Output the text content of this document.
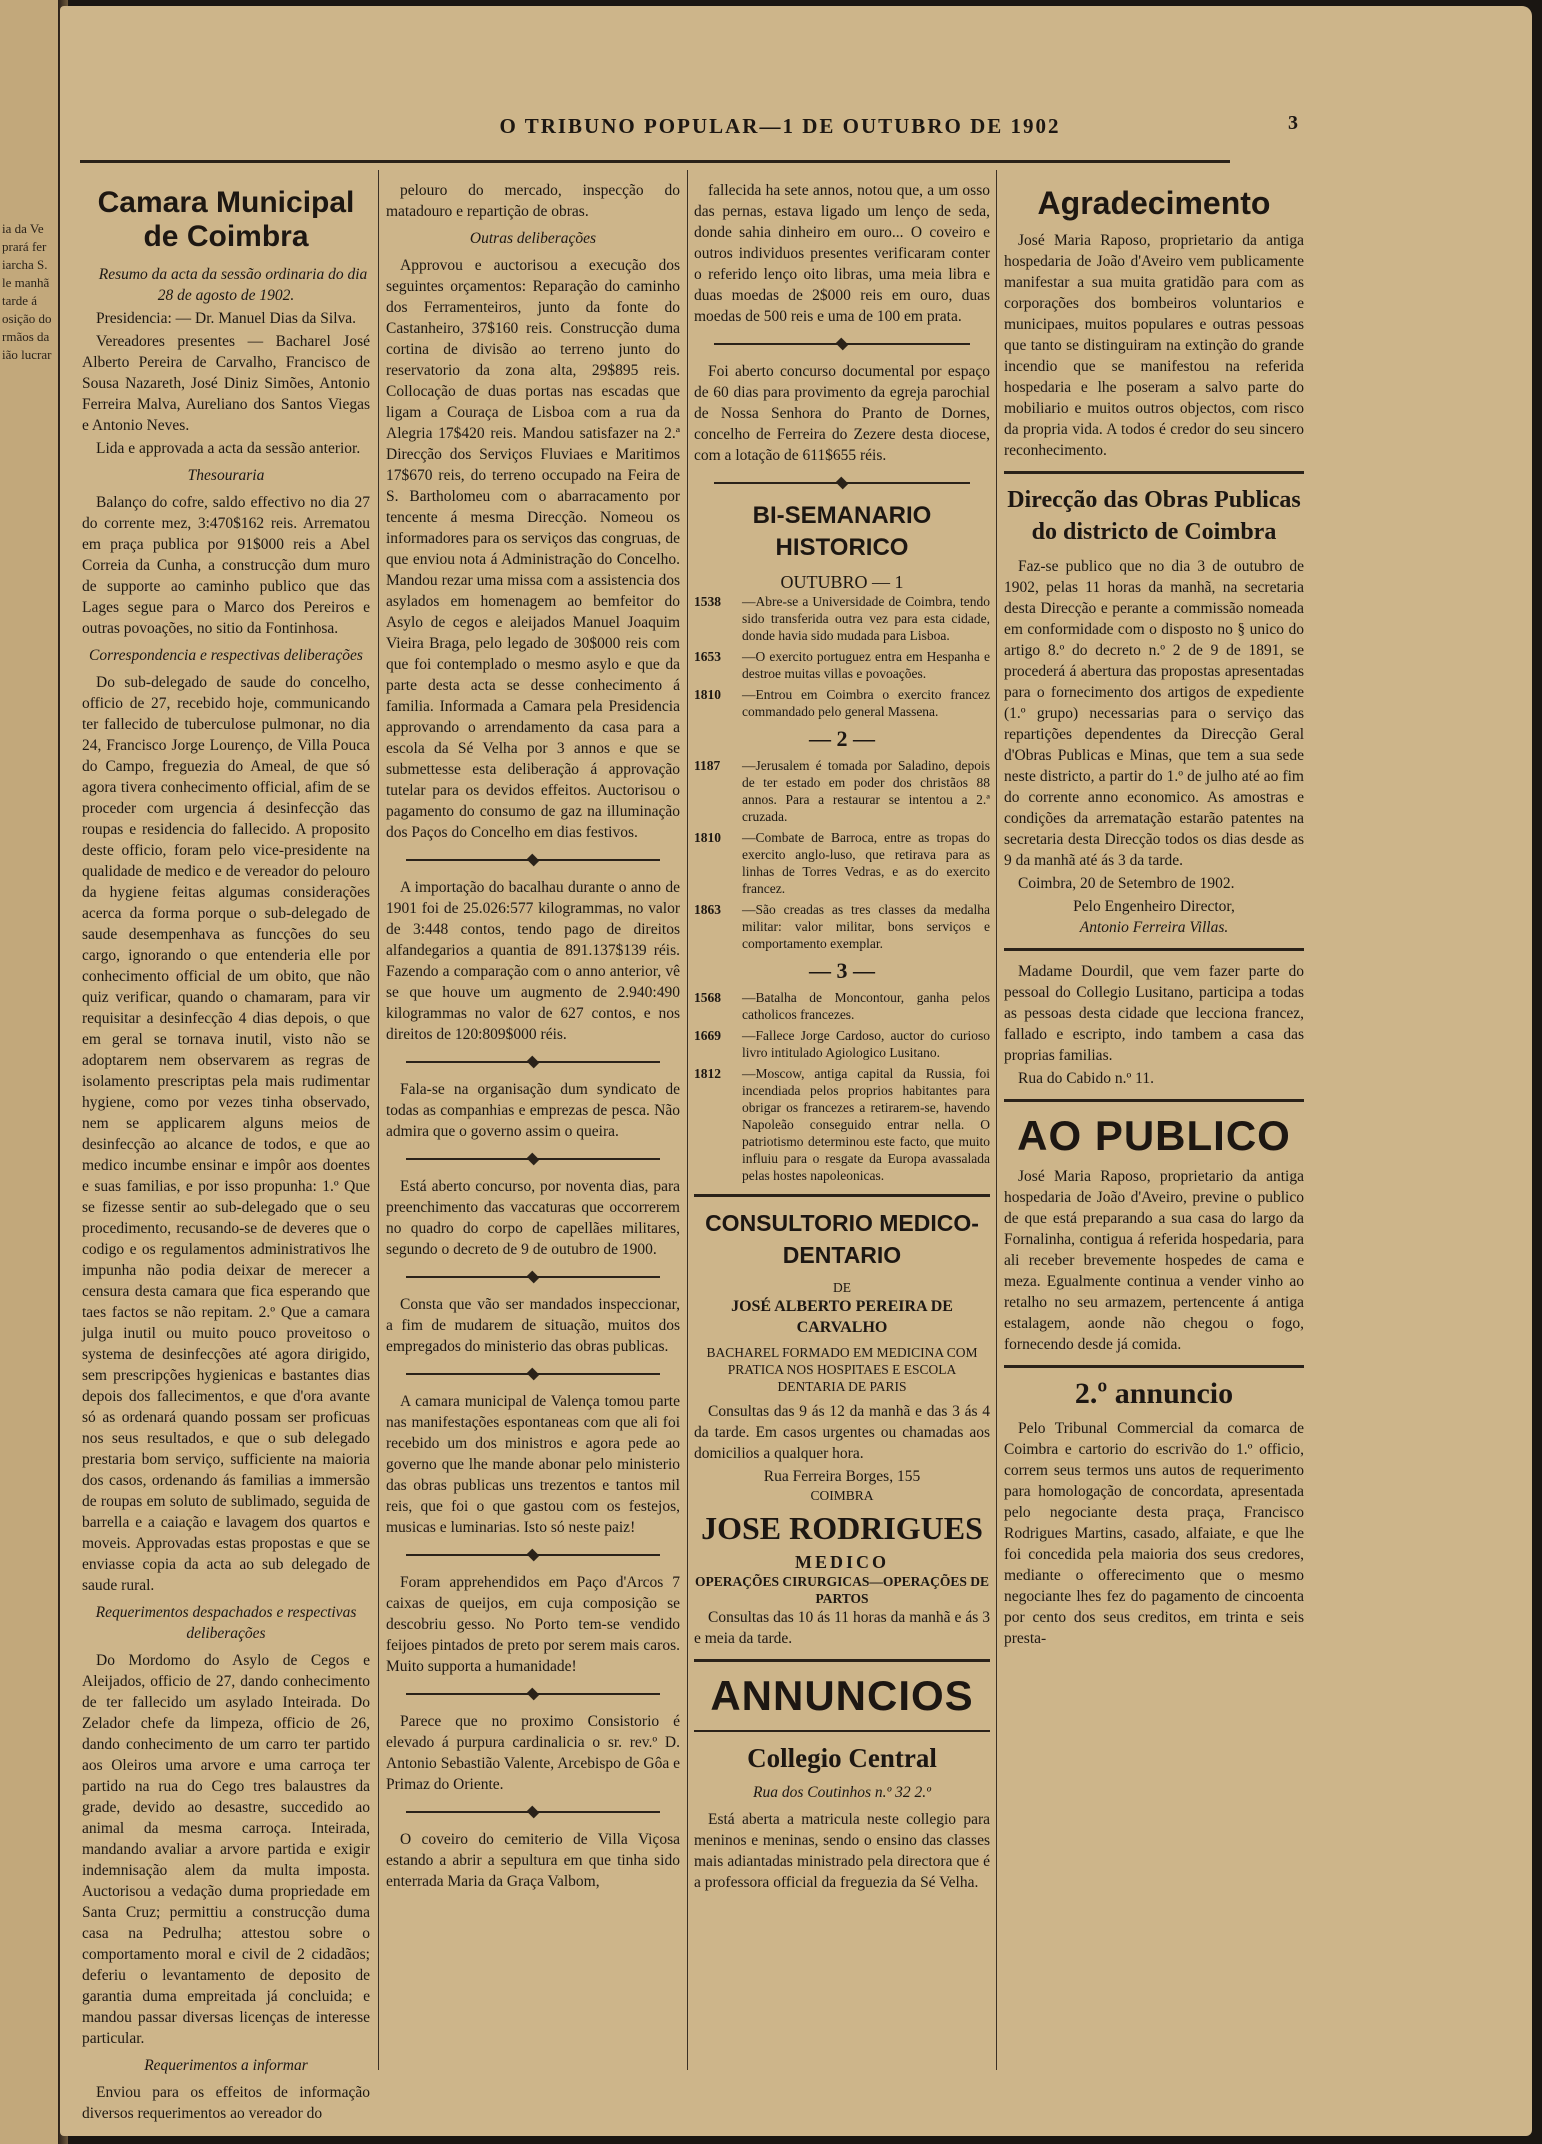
ia da Ve
prará fer
iarcha S.
le manhã
tarde á
osição do
rmãos da
ião lucrar
O TRIBUNO POPULAR—1 DE OUTUBRO DE 1902	3
Camara Municipal de Coimbra

Resumo da acta da sessão ordinaria do dia 28 de agosto de 1902.

Presidencia: — Dr. Manuel Dias da Silva.

Vereadores presentes — Bacharel José Alberto Pereira de Carvalho, Francisco de Sousa Nazareth, José Diniz Simões, Antonio Ferreira Malva, Aureliano dos Santos Viegas e Antonio Neves.

Lida e approvada a acta da sessão anterior.

Thesouraria

Balanço do cofre, saldo effectivo no dia 27 do corrente mez, 3:470$162 reis. Arrematou em praça publica por 91$000 reis a Abel Correia da Cunha, a construcção dum muro de supporte ao caminho publico que das Lages segue para o Marco dos Pereiros e outras povoações, no sitio da Fontinhosa.

Correspondencia e respectivas deliberações

Do sub-delegado de saude do concelho, officio de 27, recebido hoje, communicando ter fallecido de tuberculose pulmonar, no dia 24, Francisco Jorge Lourenço, de Villa Pouca do Campo, freguezia do Ameal, de que só agora tivera conhecimento official, afim de se proceder com urgencia á desinfecção das roupas e residencia do fallecido. A proposito deste officio, foram pelo vice-presidente na qualidade de medico e de vereador do pelouro da hygiene feitas algumas considerações acerca da forma porque o sub-delegado de saude desempenhava as funcções do seu cargo, ignorando o que entenderia elle por conhecimento official de um obito, que não quiz verificar, quando o chamaram, para vir requisitar a desinfecção 4 dias depois, o que em geral se tornava inutil, visto não se adoptarem nem observarem as regras de isolamento prescriptas pela mais rudimentar hygiene, como por vezes tinha observado, nem se applicarem alguns meios de desinfecção ao alcance de todos, e que ao medico incumbe ensinar e impôr aos doentes e suas familias, e por isso propunha: 1.º Que se fizesse sentir ao sub-delegado que o seu procedimento, recusando-se de deveres que o codigo e os regulamentos administrativos lhe impunha não podia deixar de merecer a censura desta camara que fica esperando que taes factos se não repitam. 2.º Que a camara julga inutil ou muito pouco proveitoso o systema de desinfecções até agora dirigido, sem prescripções hygienicas e bastantes dias depois dos fallecimentos, e que d'ora avante só as ordenará quando possam ser proficuas nos seus resultados, e que o sub delegado prestaria bom serviço, sufficiente na maioria dos casos, ordenando ás familias a immersão de roupas em soluto de sublimado, seguida de barrella e a caiação e lavagem dos quartos e moveis. Approvadas estas propostas e que se enviasse copia da acta ao sub delegado de saude rural.

Requerimentos despachados e respectivas deliberações

Do Mordomo do Asylo de Cegos e Aleijados, officio de 27, dando conhecimento de ter fallecido um asylado Inteirada. Do Zelador chefe da limpeza, officio de 26, dando conhecimento de um carro ter partido aos Oleiros uma arvore e uma carroça ter partido na rua do Cego tres balaustres da grade, devido ao desastre, succedido ao animal da mesma carroça. Inteirada, mandando avaliar a arvore partida e exigir indemnisação alem da multa imposta. Auctorisou a vedação duma propriedade em Santa Cruz; permittiu a construcção duma casa na Pedrulha; attestou sobre o comportamento moral e civil de 2 cidadãos; deferiu o levantamento de deposito de garantia duma empreitada já concluida; e mandou passar diversas licenças de interesse particular.

Requerimentos a informar

Enviou para os effeitos de informação diversos requerimentos ao vereador do

pelouro do mercado, inspecção do matadouro e repartição de obras.

Outras deliberações

Approvou e auctorisou a execução dos seguintes orçamentos: Reparação do caminho dos Ferramenteiros, junto da fonte do Castanheiro, 37$160 reis. Construcção duma cortina de divisão ao terreno junto do reservatorio da zona alta, 29$895 reis. Collocação de duas portas nas escadas que ligam a Couraça de Lisboa com a rua da Alegria 17$420 reis. Mandou satisfazer na 2.ª Direcção dos Serviços Fluviaes e Maritimos 17$670 reis, do terreno occupado na Feira de S. Bartholomeu com o abarracamento por tencente á mesma Direcção. Nomeou os informadores para os serviços das congruas, de que enviou nota á Administração do Concelho. Mandou rezar uma missa com a assistencia dos asylados em homenagem ao bemfeitor do Asylo de cegos e aleijados Manuel Joaquim Vieira Braga, pelo legado de 30$000 reis com que foi contemplado o mesmo asylo e que da parte desta acta se desse conhecimento á familia. Informada a Camara pela Presidencia approvando o arrendamento da casa para a escola da Sé Velha por 3 annos e que se submettesse esta deliberação á approvação tutelar para os devidos effeitos. Auctorisou o pagamento do consumo de gaz na illuminação dos Paços do Concelho em dias festivos.

A importação do bacalhau durante o anno de 1901 foi de 25.026:577 kilogrammas, no valor de 3:448 contos, tendo pago de direitos alfandegarios a quantia de 891.137$139 réis. Fazendo a comparação com o anno anterior, vê se que houve um augmento de 2.940:490 kilogrammas no valor de 627 contos, e nos direitos de 120:809$000 réis.

Fala-se na organisação dum syndicato de todas as companhias e emprezas de pesca. Não admira que o governo assim o queira.

Está aberto concurso, por noventa dias, para preenchimento das vaccaturas que occorrerem no quadro do corpo de capellães militares, segundo o decreto de 9 de outubro de 1900.

Consta que vão ser mandados inspeccionar, a fim de mudarem de situação, muitos dos empregados do ministerio das obras publicas.

A camara municipal de Valença tomou parte nas manifestações espontaneas com que ali foi recebido um dos ministros e agora pede ao governo que lhe mande abonar pelo ministerio das obras publicas uns trezentos e tantos mil reis, que foi o que gastou com os festejos, musicas e luminarias. Isto só neste paiz!

Foram apprehendidos em Paço d'Arcos 7 caixas de queijos, em cuja composição se descobriu gesso. No Porto tem-se vendido feijoes pintados de preto por serem mais caros. Muito supporta a humanidade!

Parece que no proximo Consistorio é elevado á purpura cardinalicia o sr. rev.º D. Antonio Sebastião Valente, Arcebispo de Gôa e Primaz do Oriente.

O coveiro do cemiterio de Villa Viçosa estando a abrir a sepultura em que tinha sido enterrada Maria da Graça Valbom,

fallecida ha sete annos, notou que, a um osso das pernas, estava ligado um lenço de seda, donde sahia dinheiro em ouro... O coveiro e outros individuos presentes verificaram conter o referido lenço oito libras, uma meia libra e duas moedas de 2$000 reis em ouro, duas moedas de 500 reis e uma de 100 em prata.

Foi aberto concurso documental por espaço de 60 dias para provimento da egreja parochial de Nossa Senhora do Pranto de Dornes, concelho de Ferreira do Zezere desta diocese, com a lotação de 611$655 réis.

BI-SEMANARIO HISTORICO
OUTUBRO — 1
1538	—Abre-se a Universidade de Coimbra, tendo sido transferida outra vez para esta cidade, donde havia sido mudada para Lisboa.
1653	—O exercito portuguez entra em Hespanha e destroe muitas villas e povoações.
1810	—Entrou em Coimbra o exercito francez commandado pelo general Massena.
— 2 —
1187	—Jerusalem é tomada por Saladino, depois de ter estado em poder dos christãos 88 annos. Para a restaurar se intentou a 2.ª cruzada.
1810	—Combate de Barroca, entre as tropas do exercito anglo-luso, que retirava para as linhas de Torres Vedras, e as do exercito francez.
1863	—São creadas as tres classes da medalha militar: valor militar, bons serviços e comportamento exemplar.
— 3 —
1568	—Batalha de Moncontour, ganha pelos catholicos francezes.
1669	—Fallece Jorge Cardoso, auctor do curioso livro intitulado Agiologico Lusitano.
1812	—Moscow, antiga capital da Russia, foi incendiada pelos proprios habitantes para obrigar os francezes a retirarem-se, havendo Napoleão conseguido entrar nella. O patriotismo determinou este facto, que muito influiu para o resgate da Europa avassalada pelas hostes napoleonicas.
CONSULTORIO MEDICO-DENTARIO
DE
JOSÉ ALBERTO PEREIRA DE CARVALHO
BACHAREL FORMADO EM MEDICINA COM PRATICA NOS HOSPITAES E ESCOLA DENTARIA DE PARIS

Consultas das 9 ás 12 da manhã e das 3 ás 4 da tarde. Em casos urgentes ou chamadas aos domicilios a qualquer hora.

Rua Ferreira Borges, 155
COIMBRA
JOSE RODRIGUES
MEDICO
OPERAÇÕES CIRURGICAS—OPERAÇÕES DE PARTOS

Consultas das 10 ás 11 horas da manhã e ás 3 e meia da tarde.

ANNUNCIOS
Collegio Central
Rua dos Coutinhos n.º 32 2.º

Está aberta a matricula neste collegio para meninos e meninas, sendo o ensino das classes mais adiantadas ministrado pela directora que é a professora official da freguezia da Sé Velha.

Agradecimento

José Maria Raposo, proprietario da antiga hospedaria de João d'Aveiro vem publicamente manifestar a sua muita gratidão para com as corporações dos bombeiros voluntarios e municipaes, muitos populares e outras pessoas que tanto se distinguiram na extinção do grande incendio que se manifestou na referida hospedaria e lhe poseram a salvo parte do mobiliario e muitos outros objectos, com risco da propria vida. A todos é credor do seu sincero reconhecimento.

Direcção das Obras Publicas do districto de Coimbra

Faz-se publico que no dia 3 de outubro de 1902, pelas 11 horas da manhã, na secretaria desta Direcção e perante a commissão nomeada em conformidade com o disposto no § unico do artigo 8.º do decreto n.º 2 de 9 de 1891, se procederá á abertura das propostas apresentadas para o fornecimento dos artigos de expediente (1.º grupo) necessarias para o serviço das repartições dependentes da Direcção Geral d'Obras Publicas e Minas, que tem a sua sede neste districto, a partir do 1.º de julho até ao fim do corrente anno economico. As amostras e condições da arrematação estarão patentes na secretaria desta Direcção todos os dias desde as 9 da manhã até ás 3 da tarde.

Coimbra, 20 de Setembro de 1902.

Pelo Engenheiro Director,
Antonio Ferreira Villas.

Madame Dourdil, que vem fazer parte do pessoal do Collegio Lusitano, participa a todas as pessoas desta cidade que lecciona francez, fallado e escripto, indo tambem a casa das proprias familias.

Rua do Cabido n.º 11.

AO PUBLICO

José Maria Raposo, proprietario da antiga hospedaria de João d'Aveiro, previne o publico de que está preparando a sua casa do largo da Fornalinha, contigua á referida hospedaria, para ali receber brevemente hospedes de cama e meza. Egualmente continua a vender vinho ao retalho no seu armazem, pertencente á antiga estalagem, aonde não chegou o fogo, fornecendo desde já comida.

2.º annuncio

Pelo Tribunal Commercial da comarca de Coimbra e cartorio do escrivão do 1.º officio, correm seus termos uns autos de requerimento para homologação de concordata, apresentada pelo negociante desta praça, Francisco Rodrigues Martins, casado, alfaiate, e que lhe foi concedida pela maioria dos seus credores, mediante o offerecimento que o mesmo negociante lhes fez do pagamento de cincoenta por cento dos seus creditos, em trinta e seis presta-
